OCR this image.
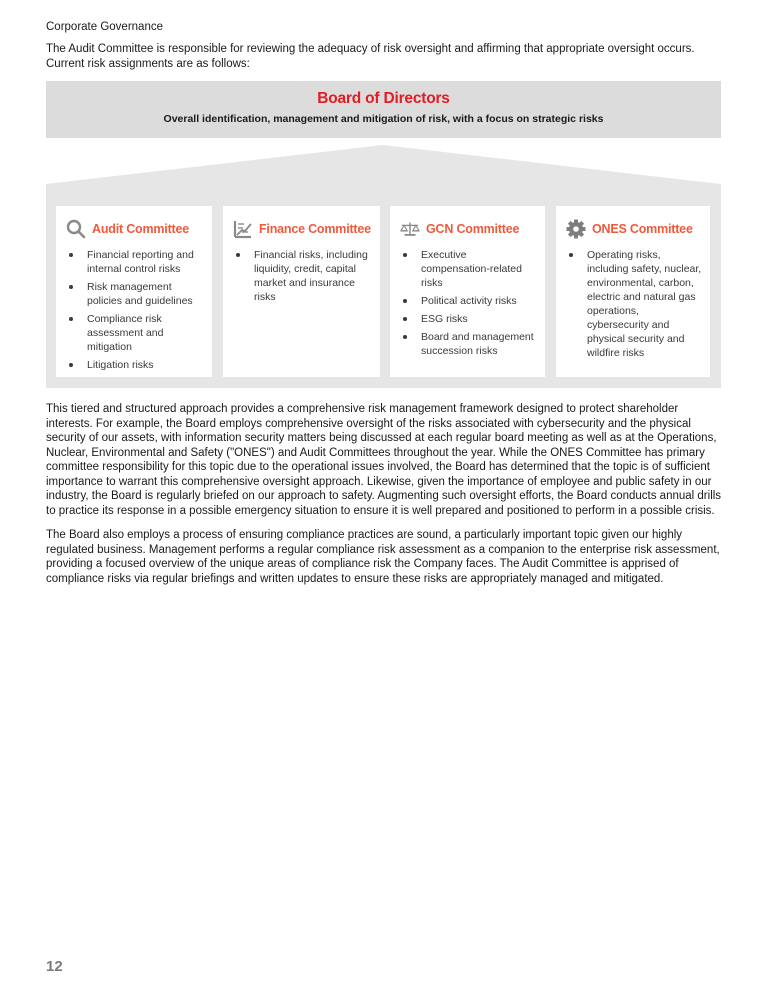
Corporate Governance
The Audit Committee is responsible for reviewing the adequacy of risk oversight and affirming that appropriate oversight occurs. Current risk assignments are as follows:
Board of Directors
Overall identification, management and mitigation of risk, with a focus on strategic risks
Audit Committee
Financial reporting and internal control risks
Risk management policies and guidelines
Compliance risk assessment and mitigation
Litigation risks
Finance Committee
Financial risks, including liquidity, credit, capital market and insurance risks
GCN Committee
Executive compensation-related risks
Political activity risks
ESG risks
Board and management succession risks
ONES Committee
Operating risks, including safety, nuclear, environmental, carbon, electric and natural gas operations, cybersecurity and physical security and wildfire risks
This tiered and structured approach provides a comprehensive risk management framework designed to protect shareholder interests. For example, the Board employs comprehensive oversight of the risks associated with cybersecurity and the physical security of our assets, with information security matters being discussed at each regular board meeting as well as at the Operations, Nuclear, Environmental and Safety ("ONES") and Audit Committees throughout the year. While the ONES Committee has primary committee responsibility for this topic due to the operational issues involved, the Board has determined that the topic is of sufficient importance to warrant this comprehensive oversight approach. Likewise, given the importance of employee and public safety in our industry, the Board is regularly briefed on our approach to safety. Augmenting such oversight efforts, the Board conducts annual drills to practice its response in a possible emergency situation to ensure it is well prepared and positioned to perform in a possible crisis.
The Board also employs a process of ensuring compliance practices are sound, a particularly important topic given our highly regulated business. Management performs a regular compliance risk assessment as a companion to the enterprise risk assessment, providing a focused overview of the unique areas of compliance risk the Company faces. The Audit Committee is apprised of compliance risks via regular briefings and written updates to ensure these risks are appropriately managed and mitigated.
12
